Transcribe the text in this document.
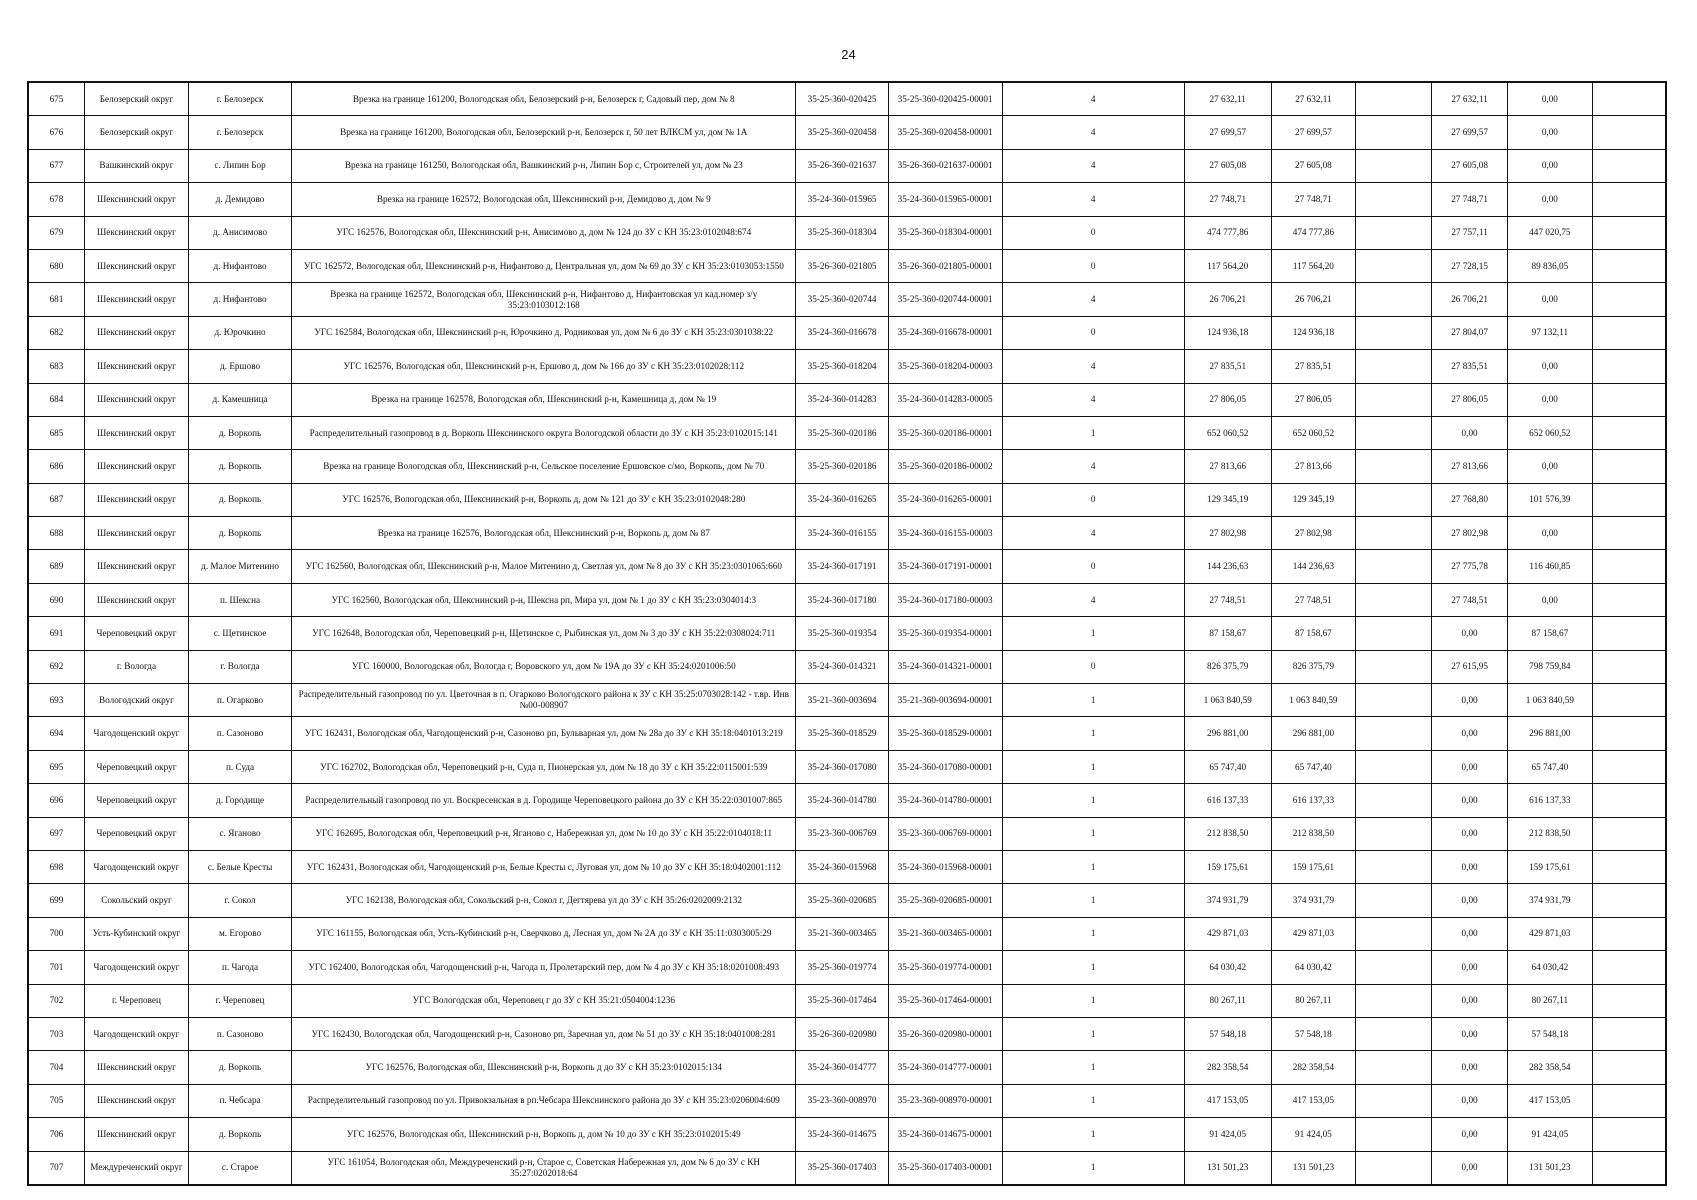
24
675	Белозерский округ	г. Белозерск	Врезка на границе 161200, Вологодская обл, Белозерский р-н, Белозерск г, Садовый пер, дом № 8	35-25-360-020425	35-25-360-020425-00001	4	27 632,11	27 632,11		27 632,11	0,00	
676	Белозерский округ	г. Белозерск	Врезка на границе 161200, Вологодская обл, Белозерский р-н, Белозерск г, 50 лет ВЛКСМ ул, дом № 1А	35-25-360-020458	35-25-360-020458-00001	4	27 699,57	27 699,57		27 699,57	0,00	
677	Вашкинский округ	с. Липин Бор	Врезка на границе 161250, Вологодская обл, Вашкинский р-н, Липин Бор с, Строителей ул, дом № 23	35-26-360-021637	35-26-360-021637-00001	4	27 605,08	27 605,08		27 605,08	0,00	
678	Шекснинский округ	д. Демидово	Врезка на границе 162572, Вологодская обл, Шекснинский р-н, Демидово д, дом № 9	35-24-360-015965	35-24-360-015965-00001	4	27 748,71	27 748,71		27 748,71	0,00	
679	Шекснинский округ	д. Анисимово	УГС 162576, Вологодская обл, Шекснинский р-н, Анисимово д, дом № 124 до ЗУ с КН 35:23:0102048:674	35-25-360-018304	35-25-360-018304-00001	0	474 777,86	474 777,86		27 757,11	447 020,75	
680	Шекснинский округ	д. Нифантово	УГС 162572, Вологодская обл, Шекснинский р-н, Нифантово д, Центральная ул, дом № 69 до ЗУ с КН 35:23:0103053:1550	35-26-360-021805	35-26-360-021805-00001	0	117 564,20	117 564,20		27 728,15	89 836,05	
681	Шекснинский округ	д. Нифантово	Врезка на границе 162572, Вологодская обл, Шекснинский р-н, Нифантово д, Нифантовская ул кад.номер з/у 35:23:0103012:168	35-25-360-020744	35-25-360-020744-00001	4	26 706,21	26 706,21		26 706,21	0,00	
682	Шекснинский округ	д. Юрочкино	УГС 162584, Вологодская обл, Шекснинский р-н, Юрочкино д, Родниковая ул, дом № 6 до ЗУ с КН 35:23:0301038:22	35-24-360-016678	35-24-360-016678-00001	0	124 936,18	124 936,18		27 804,07	97 132,11	
683	Шекснинский округ	д. Ершово	УГС 162576, Вологодская обл, Шекснинский р-н, Ершово д, дом № 166 до ЗУ с КН 35:23:0102028:112	35-25-360-018204	35-25-360-018204-00003	4	27 835,51	27 835,51		27 835,51	0,00	
684	Шекснинский округ	д. Камешница	Врезка на границе 162578, Вологодская обл, Шекснинский р-н, Камешница д, дом № 19	35-24-360-014283	35-24-360-014283-00005	4	27 806,05	27 806,05		27 806,05	0,00	
685	Шекснинский округ	д. Воркопь	Распределительный газопровод в д. Воркопь Шекснинского округа Вологодской области до ЗУ с КН 35:23:0102015:141	35-25-360-020186	35-25-360-020186-00001	1	652 060,52	652 060,52		0,00	652 060,52	
686	Шекснинский округ	д. Воркопь	Врезка на границе Вологодская обл, Шекснинский р-н, Сельское поселение Ершовское с/мо, Воркопь, дом № 70	35-25-360-020186	35-25-360-020186-00002	4	27 813,66	27 813,66		27 813,66	0,00	
687	Шекснинский округ	д. Воркопь	УГС 162576, Вологодская обл, Шекснинский р-н, Воркопь д, дом № 121 до ЗУ с КН 35:23:0102048:280	35-24-360-016265	35-24-360-016265-00001	0	129 345,19	129 345,19		27 768,80	101 576,39	
688	Шекснинский округ	д. Воркопь	Врезка на границе 162576, Вологодская обл, Шекснинский р-н, Воркопь д, дом № 87	35-24-360-016155	35-24-360-016155-00003	4	27 802,98	27 802,98		27 802,98	0,00	
689	Шекснинский округ	д. Малое Митенино	УГС 162560, Вологодская обл, Шекснинский р-н, Малое Митенино д, Светлая ул, дом № 8 до ЗУ с КН 35:23:0301065:660	35-24-360-017191	35-24-360-017191-00001	0	144 236,63	144 236,63		27 775,78	116 460,85	
690	Шекснинский округ	п. Шексна	УГС 162560, Вологодская обл, Шекснинский р-н, Шексна рп, Мира ул, дом № 1 до ЗУ с КН 35:23:0304014:3	35-24-360-017180	35-24-360-017180-00003	4	27 748,51	27 748,51		27 748,51	0,00	
691	Череповецкий округ	с. Щетинское	УГС 162648, Вологодская обл, Череповецкий р-н, Щетинское с, Рыбинская ул, дом № 3 до ЗУ с КН 35:22:0308024:711	35-25-360-019354	35-25-360-019354-00001	1	87 158,67	87 158,67		0,00	87 158,67	
692	г. Вологда	г. Вологда	УГС 160000, Вологодская обл, Вологда г, Воровского ул, дом № 19А до ЗУ с КН 35:24:0201006:50	35-24-360-014321	35-24-360-014321-00001	0	826 375,79	826 375,79		27 615,95	798 759,84	
693	Вологодский округ	п. Огарково	Распределительный газопровод по ул. Цветочная в п. Огарково Вологодского района к ЗУ с КН 35:25:0703028:142 - т.вр. Инв №00-008907	35-21-360-003694	35-21-360-003694-00001	1	1 063 840,59	1 063 840,59		0,00	1 063 840,59	
694	Чагодощенский округ	п. Сазоново	УГС 162431, Вологодская обл, Чагодощенский р-н, Сазоново рп, Бульварная ул, дом № 28а до ЗУ с КН 35:18:0401013:219	35-25-360-018529	35-25-360-018529-00001	1	296 881,00	296 881,00		0,00	296 881,00	
695	Череповецкий округ	п. Суда	УГС 162702, Вологодская обл, Череповецкий р-н, Суда п, Пионерская ул, дом № 18 до ЗУ с КН 35:22:0115001:539	35-24-360-017080	35-24-360-017080-00001	1	65 747,40	65 747,40		0,00	65 747,40	
696	Череповецкий округ	д. Городище	Распределительный газопровод по ул. Воскресенская в д. Городище Череповецкого района до ЗУ с КН 35:22:0301007:865	35-24-360-014780	35-24-360-014780-00001	1	616 137,33	616 137,33		0,00	616 137,33	
697	Череповецкий округ	с. Яганово	УГС 162695, Вологодская обл, Череповецкий р-н, Яганово с, Набережная ул, дом № 10 до ЗУ с КН 35:22:0104018:11	35-23-360-006769	35-23-360-006769-00001	1	212 838,50	212 838,50		0,00	212 838,50	
698	Чагодощенский округ	с. Белые Кресты	УГС 162431, Вологодская обл, Чагодощенский р-н, Белые Кресты с, Луговая ул, дом № 10 до ЗУ с КН 35:18:0402001:112	35-24-360-015968	35-24-360-015968-00001	1	159 175,61	159 175,61		0,00	159 175,61	
699	Сокольский округ	г. Сокол	УГС 162138, Вологодская обл, Сокольский р-н, Сокол г, Дегтярева ул до ЗУ с КН 35:26:0202009:2132	35-25-360-020685	35-25-360-020685-00001	1	374 931,79	374 931,79		0,00	374 931,79	
700	Усть-Кубинский округ	м. Егорово	УГС 161155, Вологодская обл, Усть-Кубинский р-н, Сверчково д, Лесная ул, дом № 2А до ЗУ с КН 35:11:0303005:29	35-21-360-003465	35-21-360-003465-00001	1	429 871,03	429 871,03		0,00	429 871,03	
701	Чагодощенский округ	п. Чагода	УГС 162400, Вологодская обл, Чагодощенский р-н, Чагода п, Пролетарский пер, дом № 4 до ЗУ с КН 35:18:0201008:493	35-25-360-019774	35-25-360-019774-00001	1	64 030,42	64 030,42		0,00	64 030,42	
702	г. Череповец	г. Череповец	УГС Вологодская обл, Череповец г до ЗУ с КН 35:21:0504004:1236	35-25-360-017464	35-25-360-017464-00001	1	80 267,11	80 267,11		0,00	80 267,11	
703	Чагодощенский округ	п. Сазоново	УГС 162430, Вологодская обл, Чагодощенский р-н, Сазоново рп, Заречная ул, дом № 51 до ЗУ с КН 35:18:0401008:281	35-26-360-020980	35-26-360-020980-00001	1	57 548,18	57 548,18		0,00	57 548,18	
704	Шекснинский округ	д. Воркопь	УГС 162576, Вологодская обл, Шекснинский р-н, Воркопь д до ЗУ с КН 35:23:0102015:134	35-24-360-014777	35-24-360-014777-00001	1	282 358,54	282 358,54		0,00	282 358,54	
705	Шекснинский округ	п. Чебсара	Распределительный газопровод по ул. Привокзальная в рп.Чебсара Шекснинского района до ЗУ с КН 35:23:0206004:609	35-23-360-008970	35-23-360-008970-00001	1	417 153,05	417 153,05		0,00	417 153,05	
706	Шекснинский округ	д. Воркопь	УГС 162576, Вологодская обл, Шекснинский р-н, Воркопь д, дом № 10 до ЗУ с КН 35:23:0102015:49	35-24-360-014675	35-24-360-014675-00001	1	91 424,05	91 424,05		0,00	91 424,05	
707	Междуреченский округ	с. Старое	УГС 161054, Вологодская обл, Междуреченский р-н, Старое с, Советская Набережная ул, дом № 6 до ЗУ с КН 35:27:0202018:64	35-25-360-017403	35-25-360-017403-00001	1	131 501,23	131 501,23		0,00	131 501,23	
